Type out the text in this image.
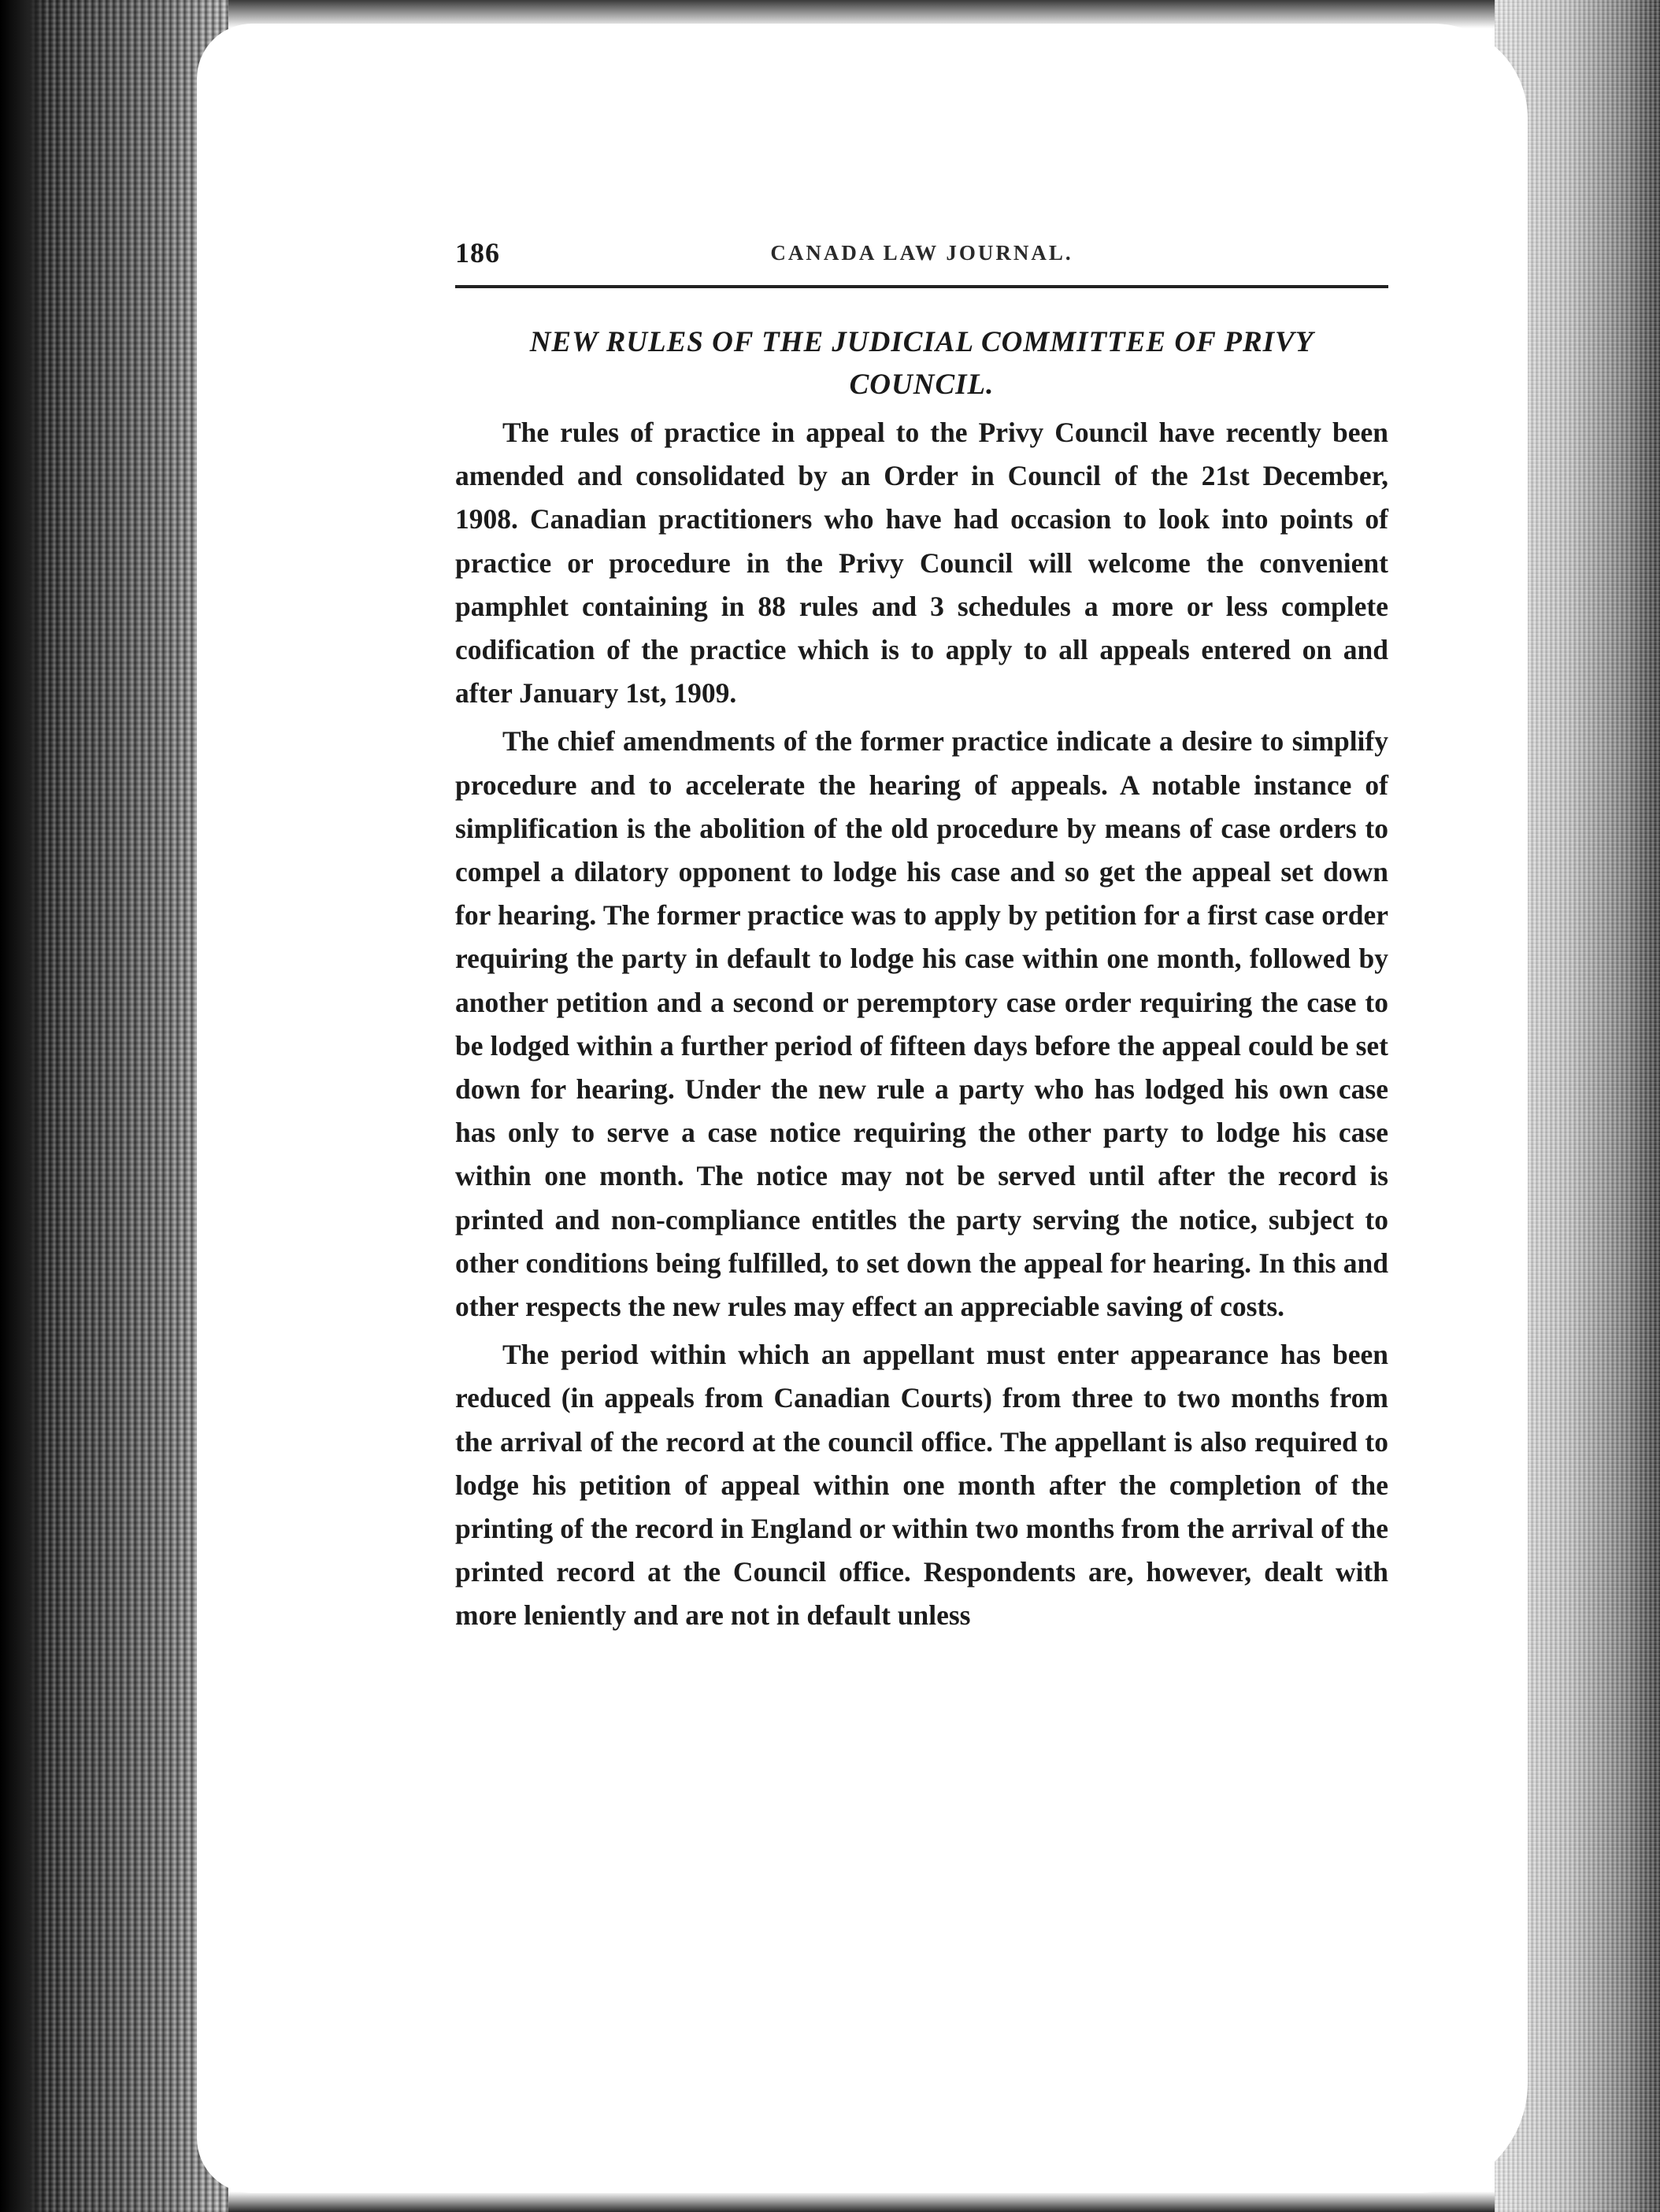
186	CANADA LAW JOURNAL.
NEW RULES OF THE JUDICIAL COMMITTEE OF PRIVY COUNCIL.

The rules of practice in appeal to the Privy Council have recently been amended and consolidated by an Order in Council of the 21st December, 1908. Canadian practitioners who have had occasion to look into points of practice or procedure in the Privy Council will welcome the convenient pamphlet containing in 88 rules and 3 schedules a more or less complete codification of the practice which is to apply to all appeals entered on and after January 1st, 1909.

The chief amendments of the former practice indicate a desire to simplify procedure and to accelerate the hearing of appeals. A notable instance of simplification is the abolition of the old procedure by means of case orders to compel a dilatory opponent to lodge his case and so get the appeal set down for hearing. The former practice was to apply by petition for a first case order requiring the party in default to lodge his case within one month, followed by another petition and a second or peremptory case order requiring the case to be lodged within a further period of fifteen days before the appeal could be set down for hearing. Under the new rule a party who has lodged his own case has only to serve a case notice requiring the other party to lodge his case within one month. The notice may not be served until after the record is printed and non-compliance entitles the party serving the notice, subject to other conditions being fulfilled, to set down the appeal for hearing. In this and other respects the new rules may effect an appreciable saving of costs.

The period within which an appellant must enter appearance has been reduced (in appeals from Canadian Courts) from three to two months from the arrival of the record at the council office. The appellant is also required to lodge his petition of appeal within one month after the completion of the printing of the record in England or within two months from the arrival of the printed record at the Council office. Respondents are, however, dealt with more leniently and are not in default unless
